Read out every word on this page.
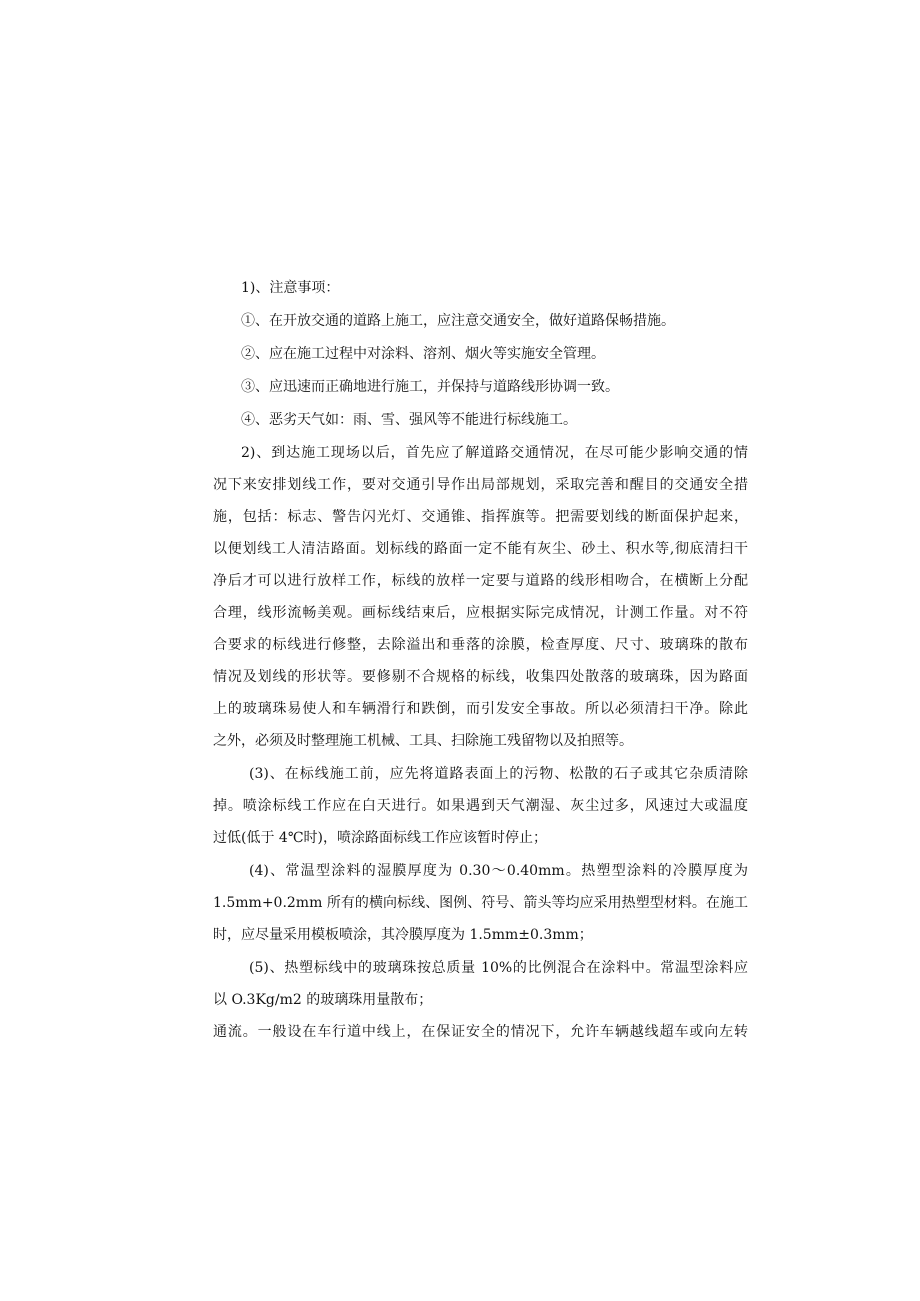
1)、注意事项：
①、在开放交通的道路上施工，应注意交通安全，做好道路保畅措施。
②、应在施工过程中对涂料、溶剂、烟火等实施安全管理。
③、应迅速而正确地进行施工，并保持与道路线形协调一致。
④、恶劣天气如：雨、雪、强风等不能进行标线施工。
2)、到达施工现场以后，首先应了解道路交通情况，在尽可能少影响交通的情
况下来安排划线工作，要对交通引导作出局部规划，采取完善和醒目的交通安全措
施，包括：标志、警告闪光灯、交通锥、指挥旗等。把需要划线的断面保护起来，
以便划线工人清洁路面。划标线的路面一定不能有灰尘、砂土、积水等,彻底清扫干
净后才可以进行放样工作，标线的放样一定要与道路的线形相吻合，在横断上分配
合理，线形流畅美观。画标线结束后，应根据实际完成情况，计测工作量。对不符
合要求的标线进行修整，去除溢出和垂落的涂膜，检查厚度、尺寸、玻璃珠的散布
情况及划线的形状等。要修剔不合规格的标线，收集四处散落的玻璃珠，因为路面
上的玻璃珠易使人和车辆滑行和跌倒，而引发安全事故。所以必须清扫干净。除此
之外，必须及时整理施工机械、工具、扫除施工残留物以及拍照等。
(3)、在标线施工前，应先将道路表面上的污物、松散的石子或其它杂质清除
掉。喷涂标线工作应在白天进行。如果遇到天气潮湿、灰尘过多，风速过大或温度
过低(低于 4℃时)，喷涂路面标线工作应该暂时停止；
(4)、常温型涂料的湿膜厚度为 0.30～0.40mm。热塑型涂料的冷膜厚度为
1.5mm+0.2mm 所有的横向标线、图例、符号、箭头等均应采用热塑型材料。在施工
时，应尽量采用模板喷涂，其冷膜厚度为 1.5mm±0.3mm；
(5)、热塑标线中的玻璃珠按总质量 10%的比例混合在涂料中。常温型涂料应
以 O.3Kg∕m2 的玻璃珠用量散布；
通流。一般设在车行道中线上，在保证安全的情况下，允许车辆越线超车或向左转
